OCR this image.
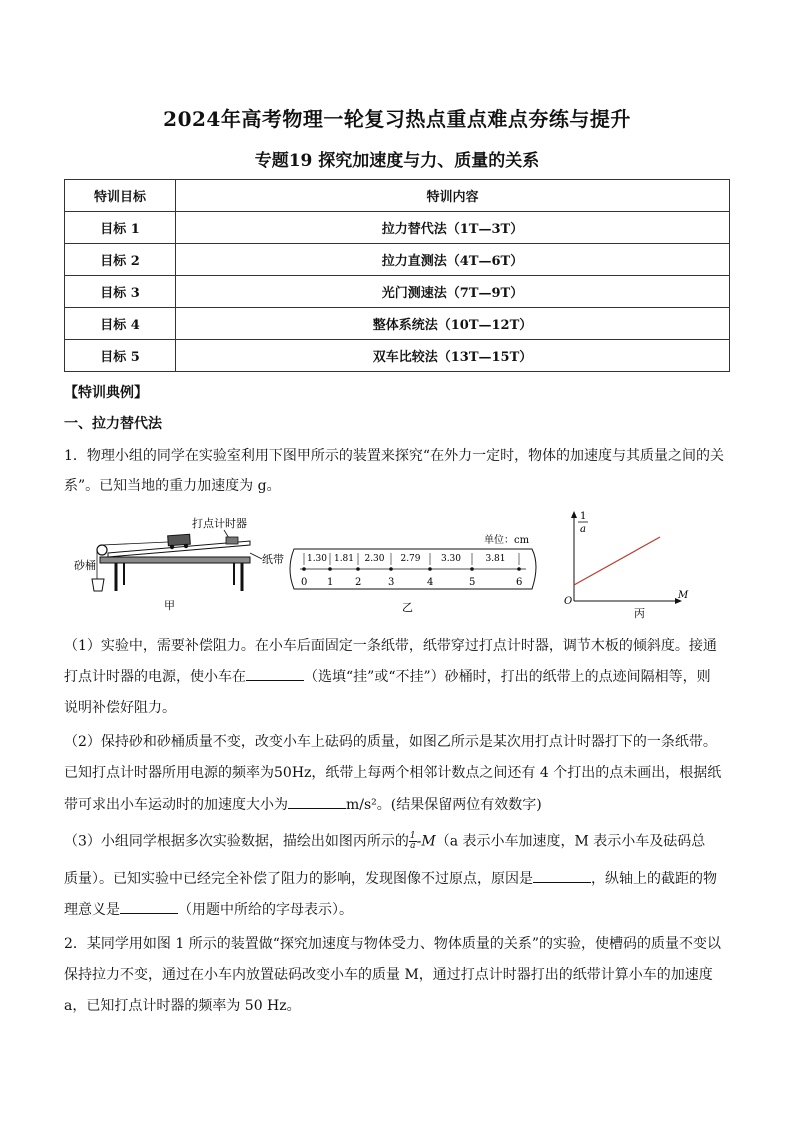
2024年高考物理一轮复习热点重点难点夯练与提升
专题19 探究加速度与力、质量的关系
特训目标	特训内容
目标 1	拉力替代法（1T—3T）
目标 2	拉力直测法（4T—6T）
目标 3	光门测速法（7T—9T）
目标 4	整体系统法（10T—12T）
目标 5	双车比较法（13T—15T）
【特训典例】
一、拉力替代法
1．物理小组的同学在实验室利用下图甲所示的装置来探究“在外力一定时，物体的加速度与其质量之间的关
系”。已知当地的重力加速度为 g。
打点计时器
砂桶	纸带
甲
单位：cm
0 1 2	3	4	5	6
1.30 1.81 2.30 2.79 3.30	3.81
乙
1
a
O
M
丙
（1）实验中，需要补偿阻力。在小车后面固定一条纸带，纸带穿过打点计时器，调节木板的倾斜度。接通
打点计时器的电源，使小车在	（选填“挂”或“不挂”）砂桶时，打出的纸带上的点迹间隔相等，则
说明补偿好阻力。
（2）保持砂和砂桶质量不变，改变小车上砝码的质量，如图乙所示是某次用打点计时器打下的一条纸带。
已知打点计时器所用电源的频率为50Hz，纸带上每两个相邻计数点之间还有 4 个打出的点未画出，根据纸
带可求出小车运动时的加速度大小为	m/s²。(结果保留两位有效数字)
（3）小组同学根据多次实验数据，描绘出如图丙所示的 $\frac{1}{a} -M(a$ 表示小车加速度，M 表示小车及砝码总
质量）。已知实验中已经完全补偿了阻力的影响，发现图像不过原点，原因是	，纵轴上的截距的物
理意义是	（用题中所给的字母表示）。
2．某同学用如图 1 所示的装置做“探究加速度与物体受力、物体质量的关系”的实验，使槽码的质量不变以
保持拉力不变，通过在小车内放置砝码改变小车的质量 M，通过打点计时器打出的纸带计算小车的加速度
a，已知打点计时器的频率为 50 Hz。
